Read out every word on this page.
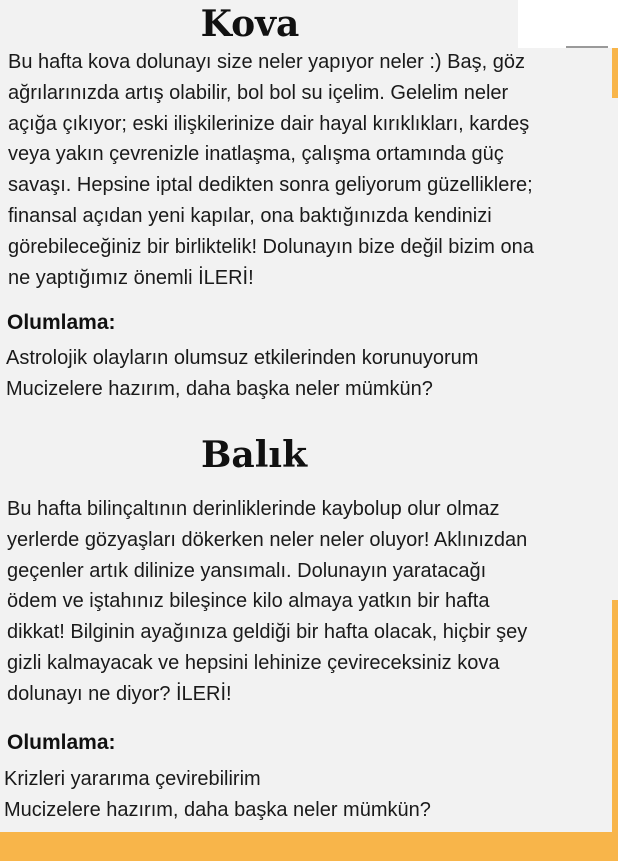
Kova

Bu hafta kova dolunayı size neler yapıyor neler :) Baş, göz
ağrılarınızda artış olabilir, bol bol su içelim. Gelelim neler
açığa çıkıyor; eski ilişkilerinize dair hayal kırıklıkları, kardeş
veya yakın çevrenizle inatlaşma, çalışma ortamında güç
savaşı. Hepsine iptal dedikten sonra geliyorum güzelliklere;
finansal açıdan yeni kapılar, ona baktığınızda kendinizi
görebileceğiniz bir birliktelik! Dolunayın bize değil bizim ona
ne yaptığımız önemli İLERİ!

Olumlama:
Astrolojik olayların olumsuz etkilerinden korunuyorum
Mucizelere hazırım, daha başka neler mümkün?
Balık

Bu hafta bilinçaltının derinliklerinde kaybolup olur olmaz
yerlerde gözyaşları dökerken neler neler oluyor! Aklınızdan
geçenler artık dilinize yansımalı. Dolunayın yaratacağı
ödem ve iştahınız bileşince kilo almaya yatkın bir hafta
dikkat! Bilginin ayağınıza geldiği bir hafta olacak, hiçbir şey
gizli kalmayacak ve hepsini lehinize çevireceksiniz kova
dolunayı ne diyor? İLERİ!

Olumlama:
Krizleri yararıma çevirebilirim
Mucizelere hazırım, daha başka neler mümkün?
